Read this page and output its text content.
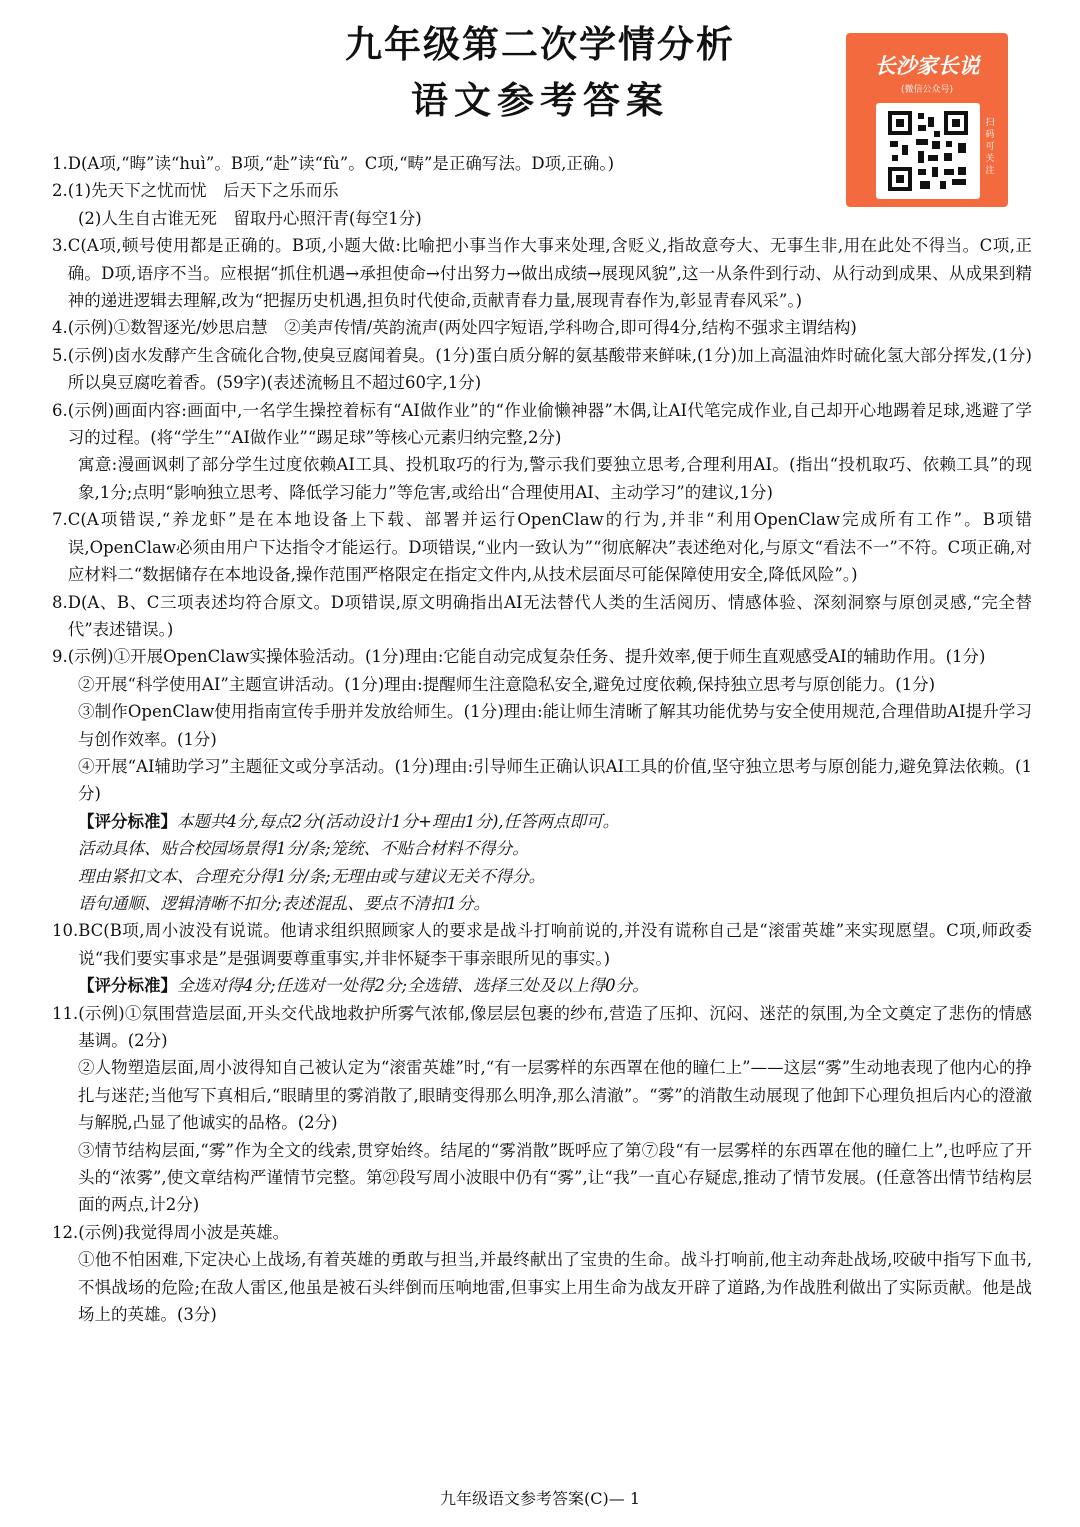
九年级第二次学情分析
语文参考答案
长沙家长说
(微信公众号)
扫码可关注
1. D(A项,“晦”读“huì”。B项,“赴”读“fù”。C项,“畴”是正确写法。D项,正确。)
2. (1)先天下之忧而忧　后天下之乐而乐
(2)人生自古谁无死　留取丹心照汗青(每空1分)
3. C(A项,顿号使用都是正确的。B项,小题大做:比喻把小事当作大事来处理,含贬义,指故意夸大、无事生非,用在此处不得当。C项,正确。D项,语序不当。应根据“抓住机遇→承担使命→付出努力→做出成绩→展现风貌”,这一从条件到行动、从行动到成果、从成果到精神的递进逻辑去理解,改为“把握历史机遇,担负时代使命,贡献青春力量,展现青春作为,彰显青春风采”。)
4. (示例)①数智逐光/妙思启慧　②美声传情/英韵流声(两处四字短语,学科吻合,即可得4分,结构不强求主谓结构)
5. (示例)卤水发酵产生含硫化合物,使臭豆腐闻着臭。(1分)蛋白质分解的氨基酸带来鲜味,(1分)加上高温油炸时硫化氢大部分挥发,(1分)所以臭豆腐吃着香。(59字)(表述流畅且不超过60字,1分)
6. (示例)画面内容:画面中,一名学生操控着标有“AI做作业”的“作业偷懒神器”木偶,让AI代笔完成作业,自己却开心地踢着足球,逃避了学习的过程。(将“学生”“AI做作业”“踢足球”等核心元素归纳完整,2分)
寓意:漫画讽刺了部分学生过度依赖AI工具、投机取巧的行为,警示我们要独立思考,合理利用AI。(指出“投机取巧、依赖工具”的现象,1分;点明“影响独立思考、降低学习能力”等危害,或给出“合理使用AI、主动学习”的建议,1分)
7. C(A项错误,“养龙虾”是在本地设备上下载、部署并运行OpenClaw的行为,并非“利用OpenClaw完成所有工作”。B项错误,OpenClaw必须由用户下达指令才能运行。D项错误,“业内一致认为”“彻底解决”表述绝对化,与原文“看法不一”不符。C项正确,对应材料二“数据储存在本地设备,操作范围严格限定在指定文件内,从技术层面尽可能保障使用安全,降低风险”。)
8. D(A、B、C三项表述均符合原文。D项错误,原文明确指出AI无法替代人类的生活阅历、情感体验、深刻洞察与原创灵感,“完全替代”表述错误。)
9. (示例)①开展OpenClaw实操体验活动。(1分)理由:它能自动完成复杂任务、提升效率,便于师生直观感受AI的辅助作用。(1分)
②开展“科学使用AI”主题宣讲活动。(1分)理由:提醒师生注意隐私安全,避免过度依赖,保持独立思考与原创能力。(1分)
③制作OpenClaw使用指南宣传手册并发放给师生。(1分)理由:能让师生清晰了解其功能优势与安全使用规范,合理借助AI提升学习与创作效率。(1分)
④开展“AI辅助学习”主题征文或分享活动。(1分)理由:引导师生正确认识AI工具的价值,坚守独立思考与原创能力,避免算法依赖。(1分)
【评分标准】本题共4分,每点2分(活动设计1分+理由1分),任答两点即可。
活动具体、贴合校园场景得1分/条;笼统、不贴合材料不得分。
理由紧扣文本、合理充分得1分/条;无理由或与建议无关不得分。
语句通顺、逻辑清晰不扣分;表述混乱、要点不清扣1分。
10. BC(B项,周小波没有说谎。他请求组织照顾家人的要求是战斗打响前说的,并没有谎称自己是“滚雷英雄”来实现愿望。C项,师政委说“我们要实事求是”是强调要尊重事实,并非怀疑李干事亲眼所见的事实。)
【评分标准】全选对得4分;任选对一处得2分;全选错、选择三处及以上得0分。
11. (示例)①氛围营造层面,开头交代战地救护所雾气浓郁,像层层包裹的纱布,营造了压抑、沉闷、迷茫的氛围,为全文奠定了悲伤的情感基调。(2分)
②人物塑造层面,周小波得知自己被认定为“滚雷英雄”时,“有一层雾样的东西罩在他的瞳仁上”——这层“雾”生动地表现了他内心的挣扎与迷茫;当他写下真相后,“眼睛里的雾消散了,眼睛变得那么明净,那么清澈”。“雾”的消散生动展现了他卸下心理负担后内心的澄澈与解脱,凸显了他诚实的品格。(2分)
③情节结构层面,“雾”作为全文的线索,贯穿始终。结尾的“雾消散”既呼应了第⑦段“有一层雾样的东西罩在他的瞳仁上”,也呼应了开头的“浓雾”,使文章结构严谨情节完整。第㉑段写周小波眼中仍有“雾”,让“我”一直心存疑虑,推动了情节发展。(任意答出情节结构层面的两点,计2分)
12. (示例)我觉得周小波是英雄。
①他不怕困难,下定决心上战场,有着英雄的勇敢与担当,并最终献出了宝贵的生命。战斗打响前,他主动奔赴战场,咬破中指写下血书,不惧战场的危险;在敌人雷区,他虽是被石头绊倒而压响地雷,但事实上用生命为战友开辟了道路,为作战胜利做出了实际贡献。他是战场上的英雄。(3分)
九年级语文参考答案(C)— 1
